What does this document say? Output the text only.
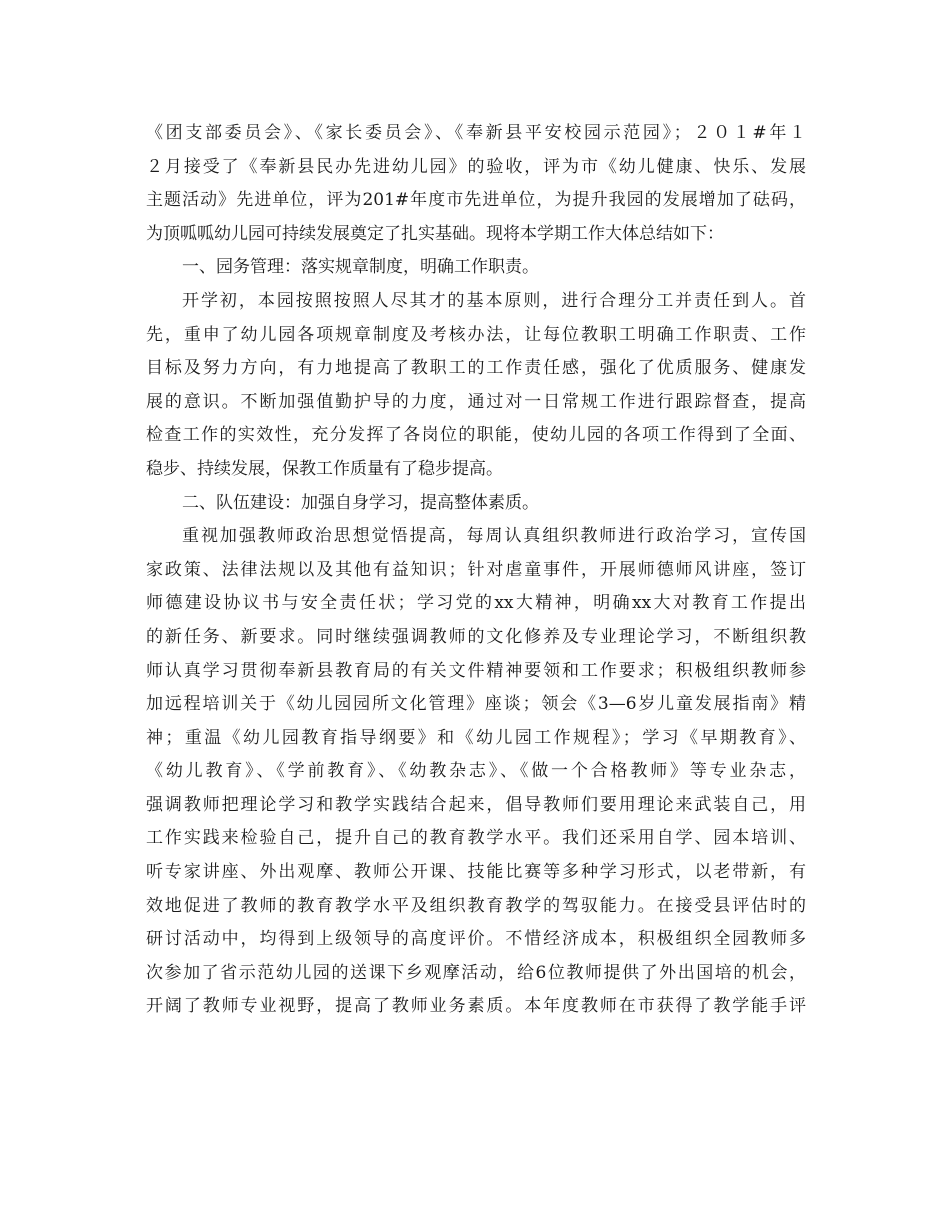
《团支部委员会》、《家长委员会》、《奉新县平安校园示范园》；２０１#年１
２月接受了《奉新县民办先进幼儿园》的验收，评为市《幼儿健康、快乐、发展
主题活动》先进单位，评为201#年度市先进单位，为提升我园的发展增加了砝码，
为顶呱呱幼儿园可持续发展奠定了扎实基础。现将本学期工作大体总结如下：
一、园务管理：落实规章制度，明确工作职责。
开学初，本园按照按照人尽其才的基本原则，进行合理分工并责任到人。首
先，重申了幼儿园各项规章制度及考核办法，让每位教职工明确工作职责、工作
目标及努力方向，有力地提高了教职工的工作责任感，强化了优质服务、健康发
展的意识。不断加强值勤护导的力度，通过对一日常规工作进行跟踪督查，提高
检查工作的实效性，充分发挥了各岗位的职能，使幼儿园的各项工作得到了全面、
稳步、持续发展，保教工作质量有了稳步提高。
二、队伍建设：加强自身学习，提高整体素质。
重视加强教师政治思想觉悟提高，每周认真组织教师进行政治学习，宣传国
家政策、法律法规以及其他有益知识；针对虐童事件，开展师德师风讲座，签订
师德建设协议书与安全责任状；学习党的xx大精神，明确xx大对教育工作提出
的新任务、新要求。同时继续强调教师的文化修养及专业理论学习，不断组织教
师认真学习贯彻奉新县教育局的有关文件精神要领和工作要求；积极组织教师参
加远程培训关于《幼儿园园所文化管理》座谈；领会《3—6岁儿童发展指南》精
神；重温《幼儿园教育指导纲要》和《幼儿园工作规程》；学习《早期教育》、
《幼儿教育》、《学前教育》、《幼教杂志》、《做一个合格教师》等专业杂志，
强调教师把理论学习和教学实践结合起来，倡导教师们要用理论来武装自己，用
工作实践来检验自己，提升自己的教育教学水平。我们还采用自学、园本培训、
听专家讲座、外出观摩、教师公开课、技能比赛等多种学习形式，以老带新，有
效地促进了教师的教育教学水平及组织教育教学的驾驭能力。在接受县评估时的
研讨活动中，均得到上级领导的高度评价。不惜经济成本，积极组织全园教师多
次参加了省示范幼儿园的送课下乡观摩活动，给6位教师提供了外出国培的机会，
开阔了教师专业视野，提高了教师业务素质。本年度教师在市获得了教学能手评
